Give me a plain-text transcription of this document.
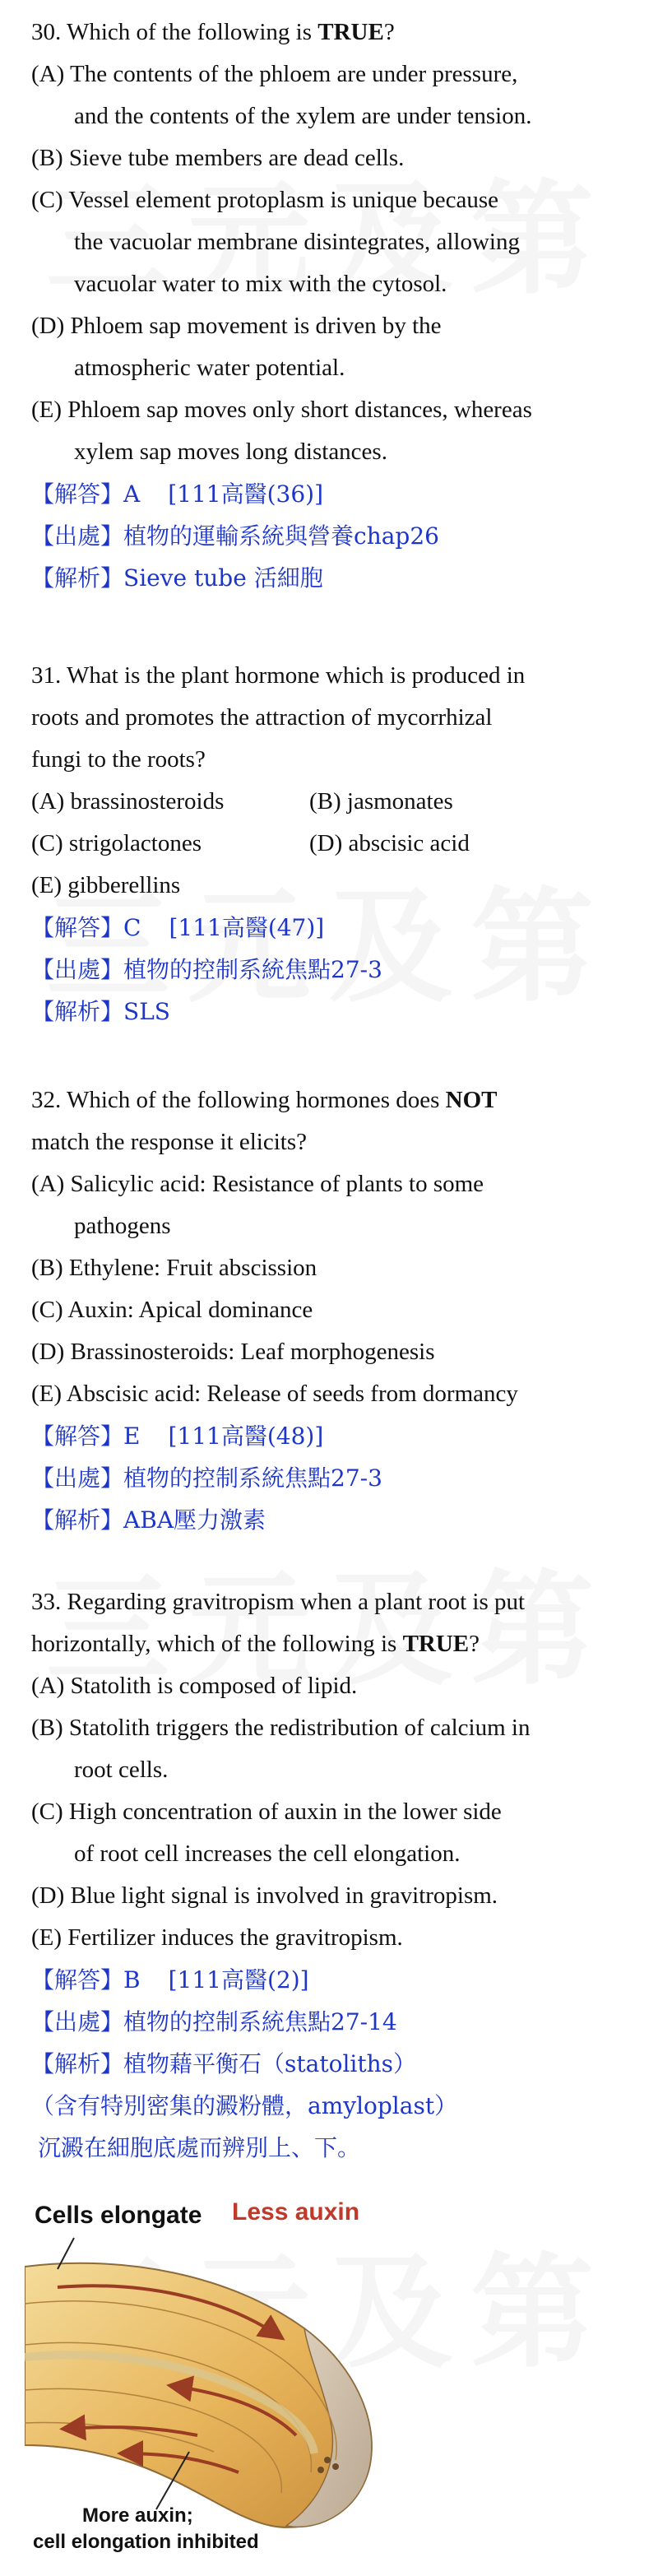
30. Which of the following is TRUE?
(A) The contents of the phloem are under pressure,
and the contents of the xylem are under tension.
(B) Sieve tube members are dead cells.
(C) Vessel element protoplasm is unique because
the vacuolar membrane disintegrates, allowing
vacuolar water to mix with the cytosol.
(D) Phloem sap movement is driven by the
atmospheric water potential.
(E) Phloem sap moves only short distances, whereas
xylem sap moves long distances.
【解答】A [111高醫(36)]
【出處】植物的運輸系統與營養chap26
【解析】Sieve tube 活細胞
31. What is the plant hormone which is produced in
roots and promotes the attraction of mycorrhizal
fungi to the roots?
(A) brassinosteroids	(B) jasmonates
(C) strigolactones	(D) abscisic acid
(E) gibberellins
【解答】C [111高醫(47)]
【出處】植物的控制系統焦點27-3
【解析】SLS
32. Which of the following hormones does NOT
match the response it elicits?
(A) Salicylic acid: Resistance of plants to some
pathogens
(B) Ethylene: Fruit abscission
(C) Auxin: Apical dominance
(D) Brassinosteroids: Leaf morphogenesis
(E) Abscisic acid: Release of seeds from dormancy
【解答】E [111高醫(48)]
【出處】植物的控制系統焦點27-3
【解析】ABA壓力激素
33. Regarding gravitropism when a plant root is put
horizontally, which of the following is TRUE?
(A) Statolith is composed of lipid.
(B) Statolith triggers the redistribution of calcium in
root cells.
(C) High concentration of auxin in the lower side
of root cell increases the cell elongation.
(D) Blue light signal is involved in gravitropism.
(E) Fertilizer induces the gravitropism.
【解答】B [111高醫(2)]
【出處】植物的控制系統焦點27-14
【解析】植物藉平衡石（statoliths）
（含有特別密集的澱粉體，amyloplast）
沉澱在細胞底處而辨別上、下。
Cells elongate Less auxin
More auxin;
cell elongation inhibited
